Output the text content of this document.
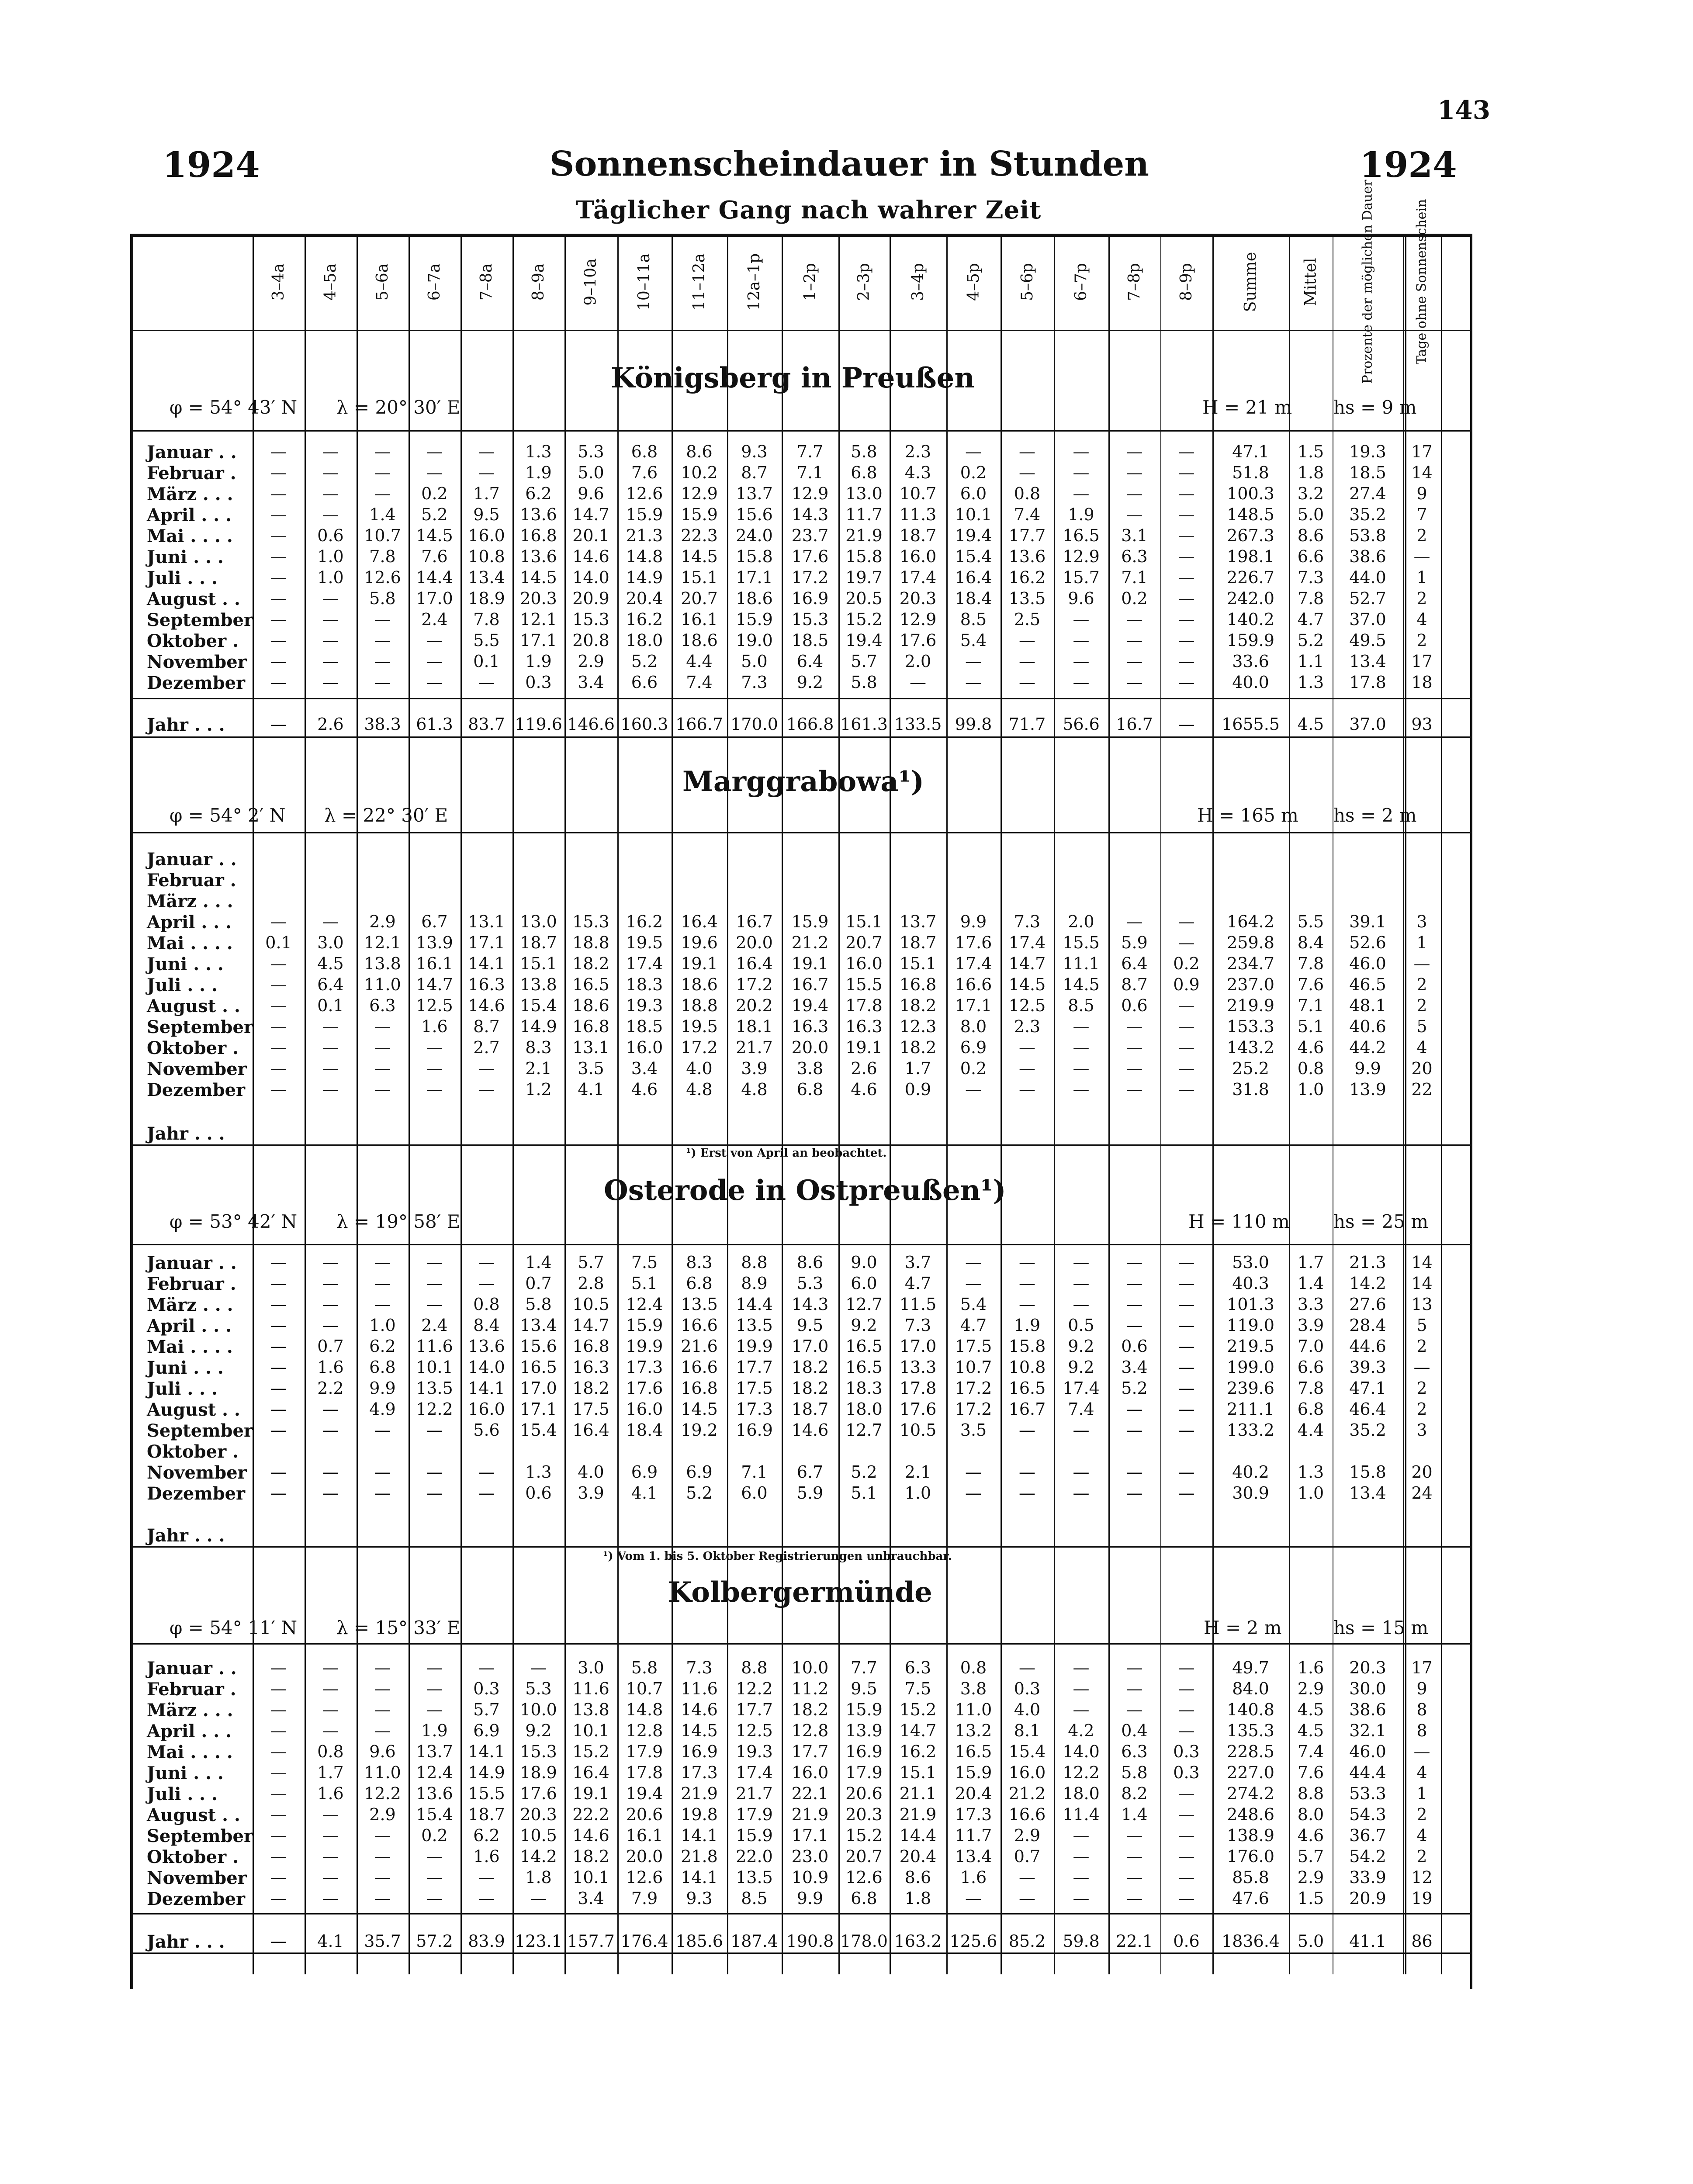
143
1924	Sonnenscheindauer in Stunden	1924
Täglicher Gang nach wahrer Zeit
3–4a 4–5a 5–6a 6–7a 7–8a 8–9a 9–10a 10–11a 11–12a 12a–1p 1–2p 2–3p 3–4p 4–5p 5–6p 6–7p 7–8p 8–9p	Summe	Mittel	Prozente der möglichen Dauer	Tage ohne Sonnenschein
Königsberg in Preußen
φ = 54° 43′ N λ = 20° 30′ E	H = 21 m hs = 9 m
Januar . .	—	—	—	—	—	1.3	5.3	6.8	8.6	9.3	7.7	5.8	2.3	—	—	—	—	—	47.1	1.5	19.3	17
Februar .	—	—	—	—	—	1.9	5.0	7.6	10.2	8.7	7.1	6.8	4.3	0.2	—	—	—	—	51.8	1.8	18.5	14
März . . .	—	—	—	0.2	1.7	6.2	9.6	12.6	12.9	13.7	12.9	13.0	10.7	6.0	0.8	—	—	—	100.3	3.2	27.4	9
April . . .	—	—	1.4	5.2	9.5	13.6 14.7 15.9	15.9	15.6	14.3	11.7	11.3	10.1	7.4	1.9	—	—	148.5	5.0	35.2	7
Mai . . . .	—	0.6	10.7 14.5 16.0 16.8 20.1 21.3	22.3	24.0	23.7	21.9	18.7	19.4	17.7	16.5	3.1	—	267.3	8.6	53.8	2
Juni . . .	—	1.0	7.8	7.6	10.8 13.6 14.6 14.8	14.5	15.8	17.6	15.8	16.0	15.4	13.6	12.9	6.3	—	198.1	6.6	38.6	—
Juli . . .	—	1.0	12.6 14.4 13.4 14.5 14.0 14.9	15.1	17.1	17.2	19.7	17.4	16.4	16.2	15.7	7.1	—	226.7	7.3	44.0	1
August . .	—	—	5.8	17.0 18.9 20.3 20.9 20.4	20.7	18.6	16.9	20.5	20.3	18.4	13.5	9.6	0.2	—	242.0	7.8	52.7	2
September	—	—	—	2.4	7.8	12.1 15.3 16.2	16.1	15.9	15.3	15.2	12.9	8.5	2.5	—	—	—	140.2	4.7	37.0	4
Oktober .	—	—	—	—	5.5	17.1 20.8 18.0	18.6	19.0	18.5	19.4	17.6	5.4	—	—	—	—	159.9	5.2	49.5	2
November	—	—	—	—	0.1	1.9	2.9	5.2	4.4	5.0	6.4	5.7	2.0	—	—	—	—	—	33.6	1.1	13.4	17
Dezember	—	—	—	—	—	0.3	3.4	6.6	7.4	7.3	9.2	5.8	—	—	—	—	—	—	40.0	1.3	17.8	18
Jahr . . .	—	2.6	38.3 61.3 83.7 119.6 146.6 160.3 166.7 170.0 166.8 161.3 133.5 99.8	71.7	56.6 16.7	—	1655.5	4.5	37.0	93
Marggrabowa¹)
φ = 54° 2′ N λ = 22° 30′ E	H = 165 m hs = 2 m
¹) Erst von April an beobachtet.
Januar . .
Februar .
März . . .
April . . .	—	—	2.9	6.7	13.1 13.0 15.3 16.2	16.4	16.7	15.9	15.1	13.7	9.9	7.3	2.0	—	—	164.2	5.5	39.1	3
Mai . . . .	0.1	3.0	12.1 13.9 17.1 18.7 18.8 19.5	19.6	20.0	21.2	20.7	18.7	17.6	17.4	15.5	5.9	—	259.8	8.4	52.6	1
Juni . . .	—	4.5	13.8 16.1 14.1 15.1 18.2 17.4	19.1	16.4	19.1	16.0	15.1	17.4	14.7	11.1	6.4	0.2	234.7	7.8	46.0	—
Juli . . .	—	6.4	11.0 14.7 16.3 13.8 16.5 18.3	18.6	17.2	16.7	15.5	16.8	16.6	14.5	14.5	8.7	0.9	237.0	7.6	46.5	2
August . .	—	0.1	6.3	12.5 14.6 15.4 18.6 19.3	18.8	20.2	19.4	17.8	18.2	17.1	12.5	8.5	0.6	—	219.9	7.1	48.1	2
September	—	—	—	1.6	8.7	14.9 16.8 18.5	19.5	18.1	16.3	16.3	12.3	8.0	2.3	—	—	—	153.3	5.1	40.6	5
Oktober .	—	—	—	—	2.7	8.3	13.1 16.0	17.2	21.7	20.0	19.1	18.2	6.9	—	—	—	—	143.2	4.6	44.2	4
November	—	—	—	—	—	2.1	3.5	3.4	4.0	3.9	3.8	2.6	1.7	0.2	—	—	—	—	25.2	0.8	9.9	20
Dezember	—	—	—	—	—	1.2	4.1	4.6	4.8	4.8	6.8	4.6	0.9	—	—	—	—	—	31.8	1.0	13.9	22
Jahr . . .
Osterode in Ostpreußen¹)
φ = 53° 42′ N λ = 19° 58′ E	H = 110 m hs = 25 m
¹) Vom 1. bis 5. Oktober Registrierungen unbrauchbar.
Januar . .	—	—	—	—	—	1.4	5.7	7.5	8.3	8.8	8.6	9.0	3.7	—	—	—	—	—	53.0	1.7	21.3	14
Februar .	—	—	—	—	—	0.7	2.8	5.1	6.8	8.9	5.3	6.0	4.7	—	—	—	—	—	40.3	1.4	14.2	14
März . . .	—	—	—	—	0.8	5.8	10.5 12.4	13.5	14.4	14.3	12.7	11.5	5.4	—	—	—	—	101.3	3.3	27.6	13
April . . .	—	—	1.0	2.4	8.4	13.4 14.7 15.9	16.6	13.5	9.5	9.2	7.3	4.7	1.9	0.5	—	—	119.0	3.9	28.4	5
Mai . . . .	—	0.7	6.2	11.6 13.6 15.6 16.8 19.9	21.6	19.9	17.0	16.5	17.0	17.5	15.8	9.2	0.6	—	219.5	7.0	44.6	2
Juni . . .	—	1.6	6.8	10.1 14.0 16.5 16.3 17.3	16.6	17.7	18.2	16.5	13.3	10.7	10.8	9.2	3.4	—	199.0	6.6	39.3	—
Juli . . .	—	2.2	9.9	13.5 14.1 17.0 18.2 17.6	16.8	17.5	18.2	18.3	17.8	17.2	16.5	17.4	5.2	—	239.6	7.8	47.1	2
August . .	—	—	4.9	12.2 16.0 17.1 17.5 16.0	14.5	17.3	18.7	18.0	17.6	17.2	16.7	7.4	—	—	211.1	6.8	46.4	2
September	—	—	—	—	5.6	15.4 16.4 18.4	19.2	16.9	14.6	12.7	10.5	3.5	—	—	—	—	133.2	4.4	35.2	3
Oktober .
November	—	—	—	—	—	1.3	4.0	6.9	6.9	7.1	6.7	5.2	2.1	—	—	—	—	—	40.2	1.3	15.8	20
Dezember	—	—	—	—	—	0.6	3.9	4.1	5.2	6.0	5.9	5.1	1.0	—	—	—	—	—	30.9	1.0	13.4	24
Jahr . . .
Kolbergermünde
φ = 54° 11′ N λ = 15° 33′ E	H = 2 m	hs = 15 m
Januar . .	—	—	—	—	—	—	3.0	5.8	7.3	8.8	10.0	7.7	6.3	0.8	—	—	—	—	49.7	1.6	20.3	17
Februar .	—	—	—	—	0.3	5.3	11.6 10.7	11.6	12.2	11.2	9.5	7.5	3.8	0.3	—	—	—	84.0	2.9	30.0	9
März . . .	—	—	—	—	5.7	10.0 13.8 14.8	14.6	17.7	18.2	15.9	15.2	11.0	4.0	—	—	—	140.8	4.5	38.6	8
April . . .	—	—	—	1.9	6.9	9.2	10.1 12.8	14.5	12.5	12.8	13.9	14.7	13.2	8.1	4.2	0.4	—	135.3	4.5	32.1	8
Mai . . . .	—	0.8	9.6	13.7 14.1 15.3 15.2 17.9	16.9	19.3	17.7	16.9	16.2	16.5	15.4	14.0	6.3	0.3	228.5	7.4	46.0	—
Juni . . .	—	1.7	11.0 12.4 14.9 18.9 16.4 17.8	17.3	17.4	16.0	17.9	15.1	15.9	16.0	12.2	5.8	0.3	227.0	7.6	44.4	4
Juli . . .	—	1.6	12.2 13.6 15.5 17.6 19.1 19.4	21.9	21.7	22.1	20.6	21.1	20.4	21.2	18.0	8.2	—	274.2	8.8	53.3	1
August . .	—	—	2.9	15.4 18.7 20.3 22.2 20.6	19.8	17.9	21.9	20.3	21.9	17.3	16.6	11.4	1.4	—	248.6	8.0	54.3	2
September	—	—	—	0.2	6.2	10.5 14.6 16.1	14.1	15.9	17.1	15.2	14.4	11.7	2.9	—	—	—	138.9	4.6	36.7	4
Oktober .	—	—	—	—	1.6	14.2 18.2 20.0	21.8	22.0	23.0	20.7	20.4	13.4	0.7	—	—	—	176.0	5.7	54.2	2
November	—	—	—	—	—	1.8	10.1 12.6	14.1	13.5	10.9	12.6	8.6	1.6	—	—	—	—	85.8	2.9	33.9	12
Dezember	—	—	—	—	—	—	3.4	7.9	9.3	8.5	9.9	6.8	1.8	—	—	—	—	—	47.6	1.5	20.9	19
Jahr . . .	—	4.1	35.7 57.2 83.9 123.1 157.7 176.4 185.6 187.4 190.8 178.0 163.2 125.6 85.2	59.8 22.1	0.6	1836.4	5.0	41.1	86
